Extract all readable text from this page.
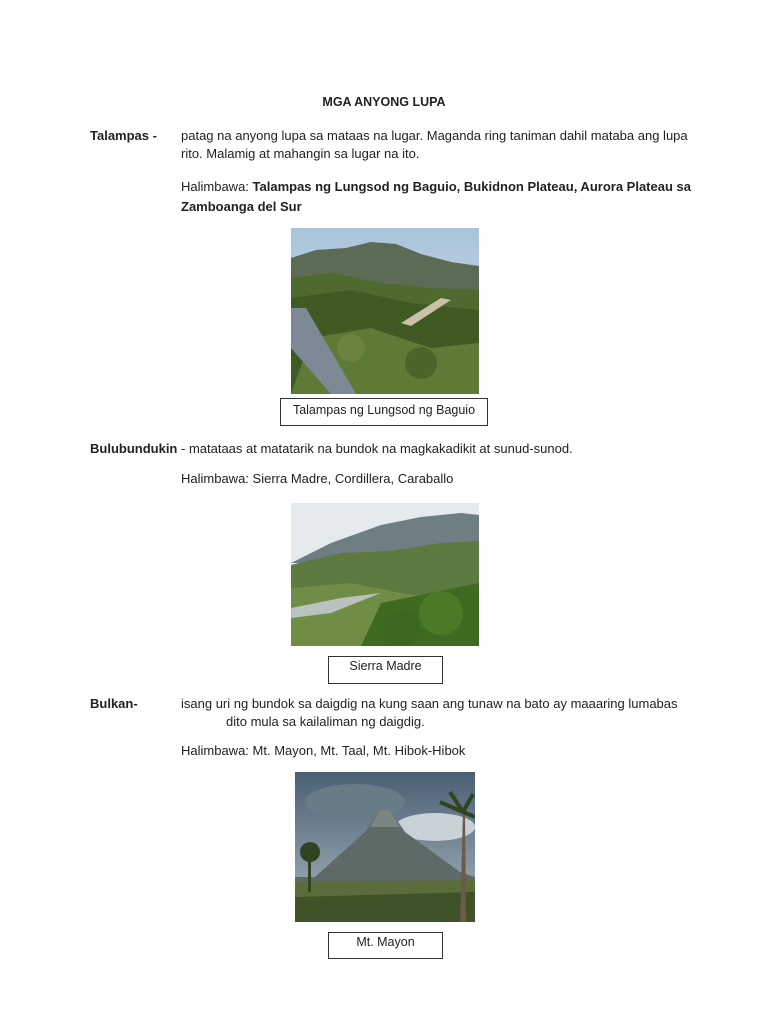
MGA ANYONG LUPA
Talampas - patag na anyong lupa sa mataas na lugar. Maganda ring taniman dahil mataba ang lupa
rito. Malamig at mahangin sa lugar na ito.
Halimbawa: Talampas ng Lungsod ng Baguio, Bukidnon Plateau, Aurora Plateau sa
Zamboanga del Sur
Talampas ng Lungsod ng Baguio
Bulubundukin - matataas at matatarik na bundok na magkakadikit at sunud-sunod.
Halimbawa: Sierra Madre, Cordillera, Caraballo
Sierra Madre
Bulkan-	isang uri ng bundok sa daigdig na kung saan ang tunaw na bato ay maaaring lumabas
dito mula sa kailaliman ng daigdig.
Halimbawa: Mt. Mayon, Mt. Taal, Mt. Hibok-Hibok
Mt. Mayon
